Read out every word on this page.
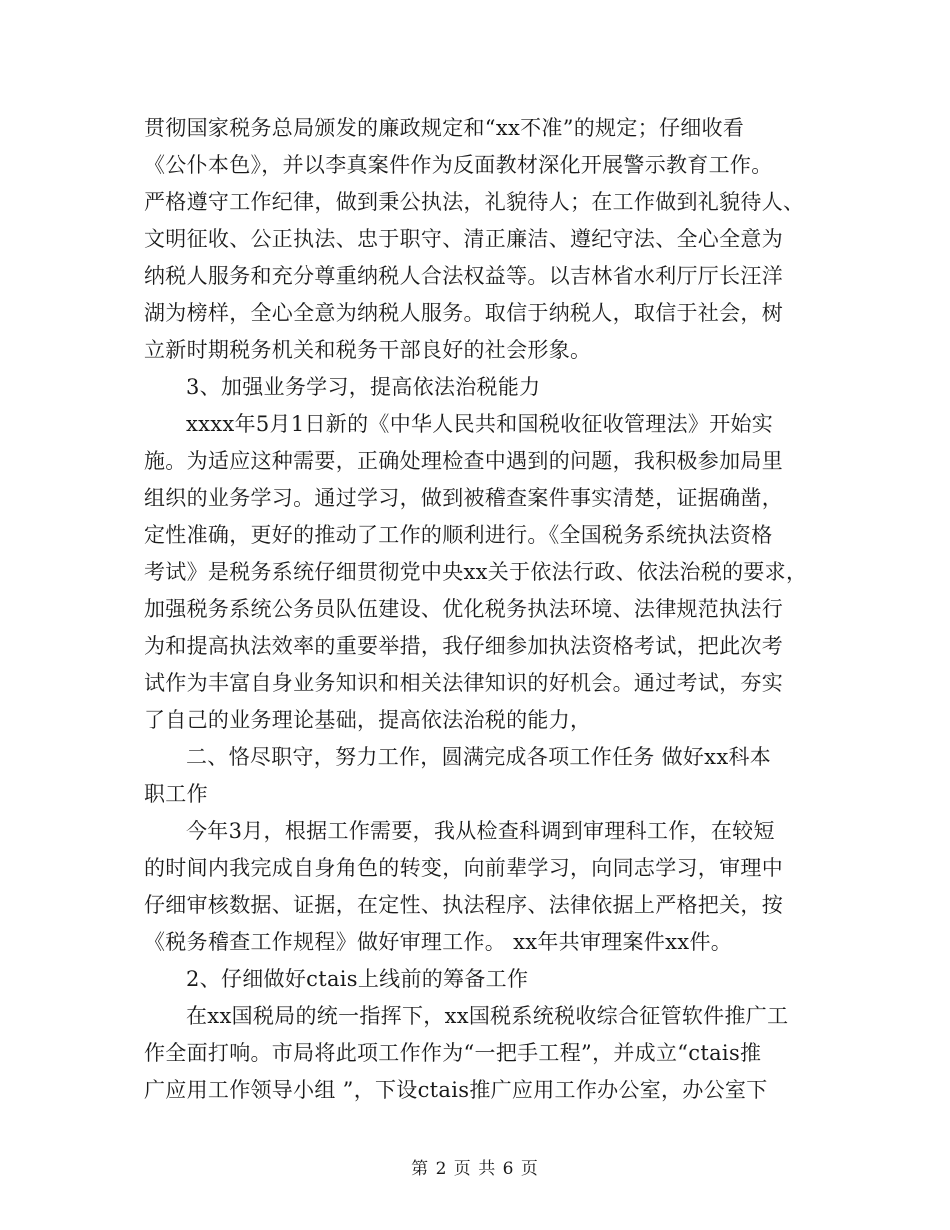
贯彻国家税务总局颁发的廉政规定和“xx不准”的规定；仔细收看
《公仆本色》，并以李真案件作为反面教材深化开展警示教育工作。
严格遵守工作纪律，做到秉公执法，礼貌待人；在工作做到礼貌待人、
文明征收、公正执法、忠于职守、清正廉洁、遵纪守法、全心全意为
纳税人服务和充分尊重纳税人合法权益等。以吉林省水利厅厅长汪洋
湖为榜样，全心全意为纳税人服务。取信于纳税人，取信于社会，树
立新时期税务机关和税务干部良好的社会形象。
3、加强业务学习，提高依法治税能力
xxxx年5月1日新的《中华人民共和国税收征收管理法》开始实
施。为适应这种需要，正确处理检查中遇到的问题，我积极参加局里
组织的业务学习。通过学习，做到被稽查案件事实清楚，证据确凿，
定性准确，更好的推动了工作的顺利进行。《全国税务系统执法资格
考试》是税务系统仔细贯彻党中央xx关于依法行政、依法治税的要求，
加强税务系统公务员队伍建设、优化税务执法环境、法律规范执法行
为和提高执法效率的重要举措，我仔细参加执法资格考试，把此次考
试作为丰富自身业务知识和相关法律知识的好机会。通过考试，夯实
了自己的业务理论基础，提高依法治税的能力，
二、恪尽职守，努力工作，圆满完成各项工作任务 做好xx科本
职工作
今年3月，根据工作需要，我从检查科调到审理科工作，在较短
的时间内我完成自身角色的转变，向前辈学习，向同志学习，审理中
仔细审核数据、证据，在定性、执法程序、法律依据上严格把关，按
《税务稽查工作规程》做好审理工作。 xx年共审理案件xx件。
2、仔细做好ctais上线前的筹备工作
在xx国税局的统一指挥下，xx国税系统税收综合征管软件推广工
作全面打响。市局将此项工作作为“一把手工程”，并成立“ctais推
广应用工作领导小组 ”，下设ctais推广应用工作办公室，办公室下
第 2 页 共 6 页
